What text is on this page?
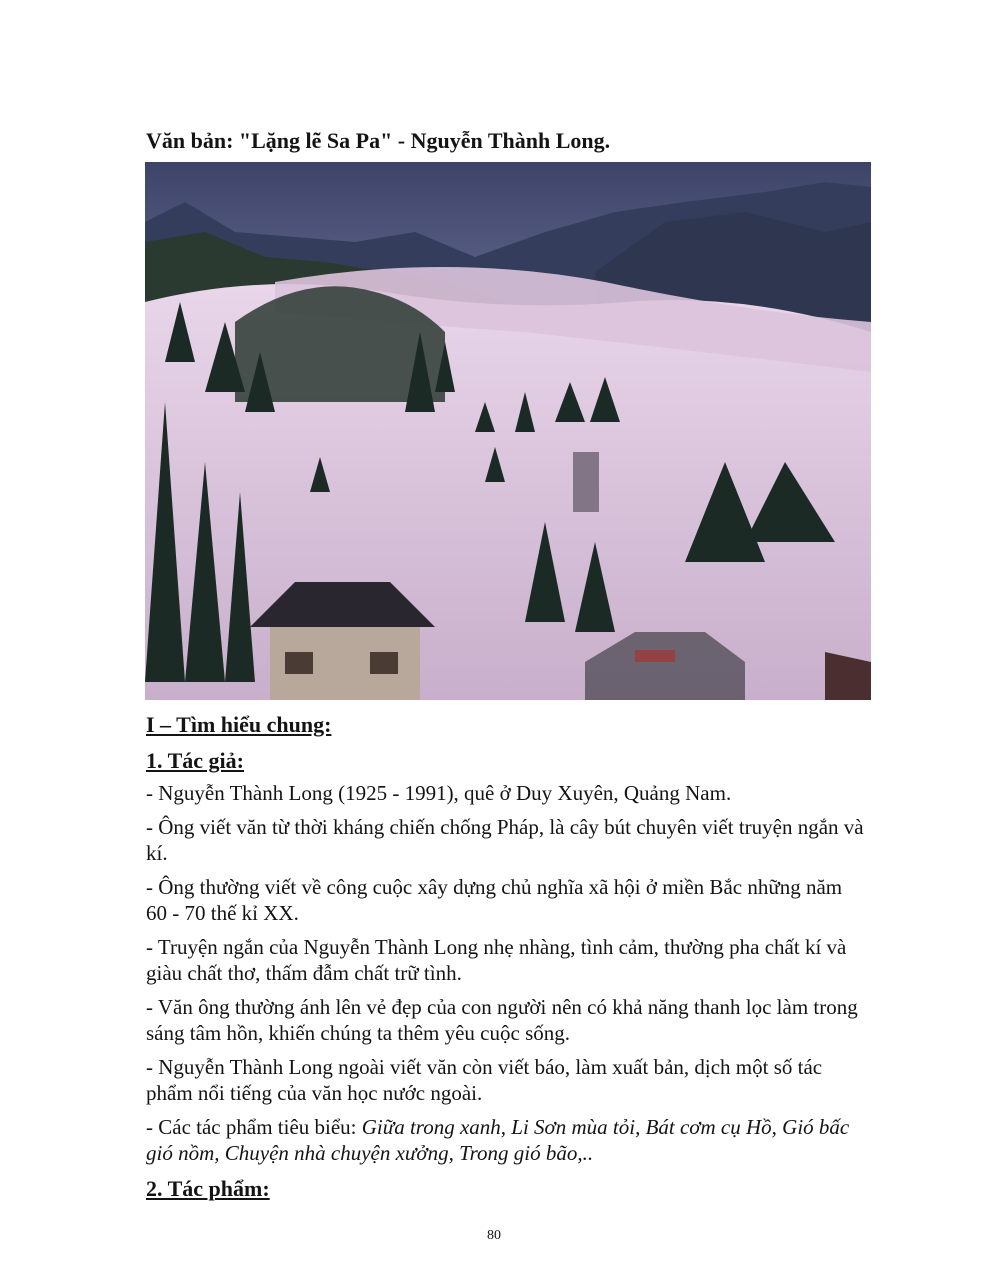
Văn bản: "Lặng lẽ Sa Pa" - Nguyễn Thành Long.
I – Tìm hiểu chung:
1. Tác giả:

- Nguyễn Thành Long (1925 - 1991), quê ở Duy Xuyên, Quảng Nam.

- Ông viết văn từ thời kháng chiến chống Pháp, là cây bút chuyên viết truyện ngắn và kí.

- Ông thường viết về công cuộc xây dựng chủ nghĩa xã hội ở miền Bắc những năm 60 - 70 thế kỉ XX.

- Truyện ngắn của Nguyễn Thành Long nhẹ nhàng, tình cảm, thường pha chất kí và giàu chất thơ, thấm đẫm chất trữ tình.

- Văn ông thường ánh lên vẻ đẹp của con người nên có khả năng thanh lọc làm trong sáng tâm hồn, khiến chúng ta thêm yêu cuộc sống.

- Nguyễn Thành Long ngoài viết văn còn viết báo, làm xuất bản, dịch một số tác phẩm nổi tiếng của văn học nước ngoài.

- Các tác phẩm tiêu biểu: Giữa trong xanh, Li Sơn mùa tỏi, Bát cơm cụ Hồ, Gió bấc gió nồm, Chuyện nhà chuyện xưởng, Trong gió bão,..

2. Tác phẩm:
80
